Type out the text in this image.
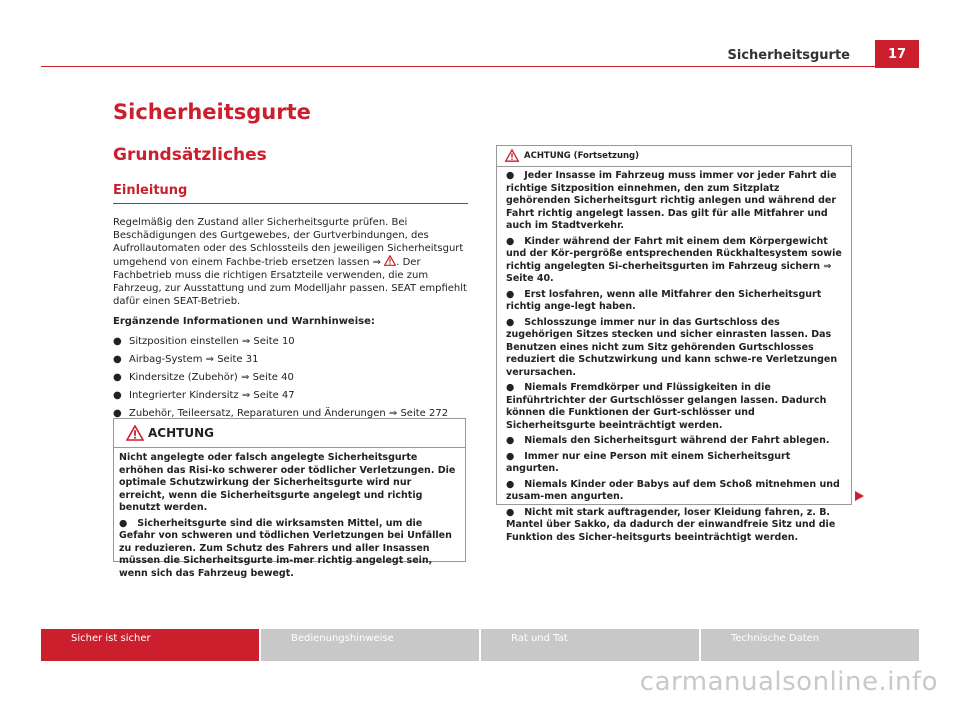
Sicherheitsgurte	17
Sicherheitsgurte
Grundsätzliches
Einleitung

Regelmäßig den Zustand aller Sicherheitsgurte prüfen. Bei Beschädigungen des Gurtgewebes, der Gurtverbindungen, des Aufrollautomaten oder des Schlossteils den jeweiligen Sicherheitsgurt umgehend von einem Fachbe-trieb ersetzen lassen ⇒ . Der Fachbetrieb muss die richtigen Ersatzteile verwenden, die zum Fahrzeug, zur Ausstattung und zum Modelljahr passen. SEAT empfiehlt dafür einen SEAT-Betrieb.

Ergänzende Informationen und Warnhinweise:

● Sitzposition einstellen ⇒ Seite 10
● Airbag-System ⇒ Seite 31
● Kindersitze (Zubehör) ⇒ Seite 40
● Integrierter Kindersitz ⇒ Seite 47
● Zubehör, Teileersatz, Reparaturen und Änderungen ⇒ Seite 272
ACHTUNG

Nicht angelegte oder falsch angelegte Sicherheitsgurte erhöhen das Risi-ko schwerer oder tödlicher Verletzungen. Die optimale Schutzwirkung der Sicherheitsgurte wird nur erreicht, wenn die Sicherheitsgurte angelegt und richtig benutzt werden.

● Sicherheitsgurte sind die wirksamsten Mittel, um die Gefahr von schweren und tödlichen Verletzungen bei Unfällen zu reduzieren. Zum Schutz des Fahrers und aller Insassen müssen die Sicherheitsgurte im-mer richtig angelegt sein, wenn sich das Fahrzeug bewegt.

ACHTUNG (Fortsetzung)

● Jeder Insasse im Fahrzeug muss immer vor jeder Fahrt die richtige Sitzposition einnehmen, den zum Sitzplatz gehörenden Sicherheitsgurt richtig anlegen und während der Fahrt richtig angelegt lassen. Das gilt für alle Mitfahrer und auch im Stadtverkehr.

● Kinder während der Fahrt mit einem dem Körpergewicht und der Kör-pergröße entsprechenden Rückhaltesystem sowie richtig angelegten Si-cherheitsgurten im Fahrzeug sichern ⇒ Seite 40.

● Erst losfahren, wenn alle Mitfahrer den Sicherheitsgurt richtig ange-legt haben.

● Schlosszunge immer nur in das Gurtschloss des zugehörigen Sitzes stecken und sicher einrasten lassen. Das Benutzen eines nicht zum Sitz gehörenden Gurtschlosses reduziert die Schutzwirkung und kann schwe-re Verletzungen verursachen.

● Niemals Fremdkörper und Flüssigkeiten in die Einführtrichter der Gurtschlösser gelangen lassen. Dadurch können die Funktionen der Gurt-schlösser und Sicherheitsgurte beeinträchtigt werden.

● Niemals den Sicherheitsgurt während der Fahrt ablegen.

● Immer nur eine Person mit einem Sicherheitsgurt angurten.

● Niemals Kinder oder Babys auf dem Schoß mitnehmen und zusam-men angurten.

● Nicht mit stark auftragender, loser Kleidung fahren, z. B. Mantel über Sakko, da dadurch der einwandfreie Sitz und die Funktion des Sicher-heitsgurts beeinträchtigt werden.

Sicher ist sicher	Bedienungshinweise	Rat und Tat	Technische Daten
carmanualsonline.info
